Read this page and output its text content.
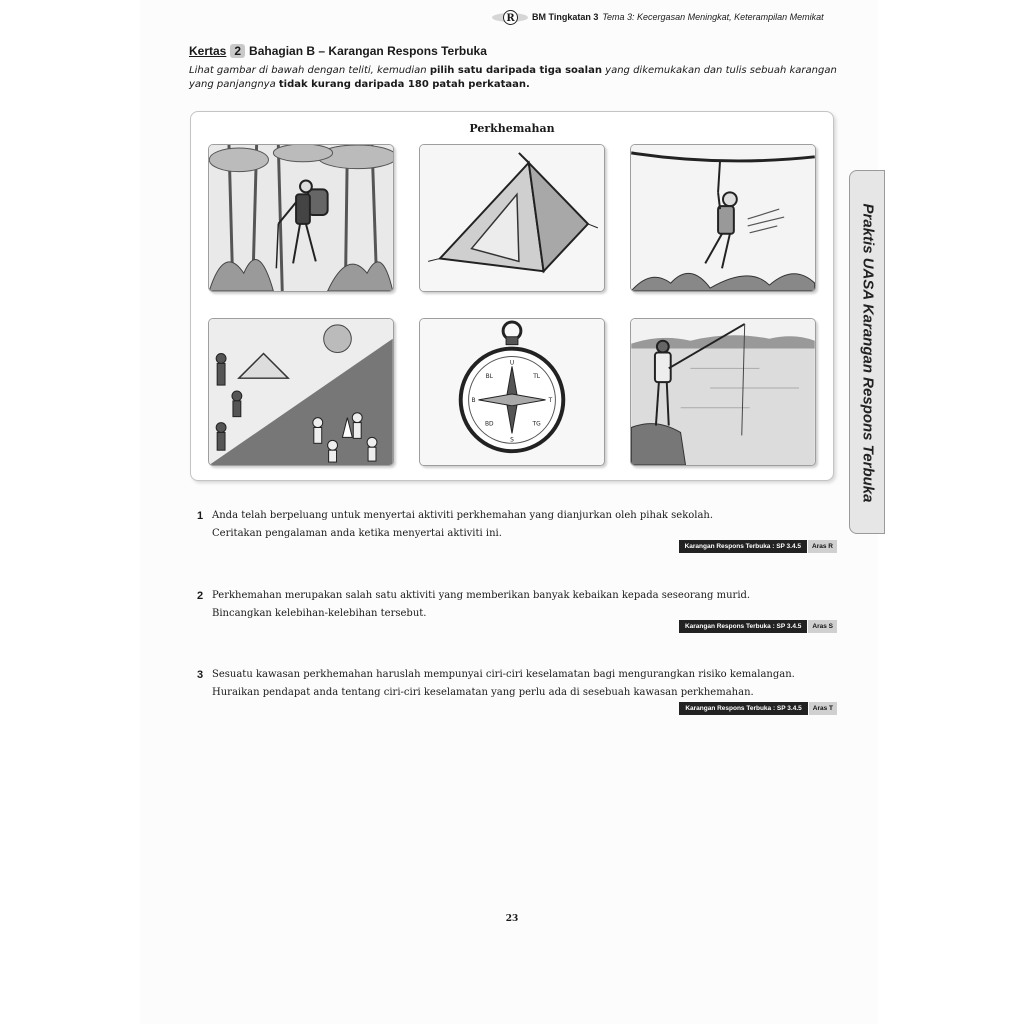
R	BM Tingkatan 3 Tema 3: Kecergasan Meningkat, Keterampilan Memikat
Kertas 2 Bahagian B – Karangan Respons Terbuka
Lihat gambar di bawah dengan teliti, kemudian pilih satu daripada tiga soalan yang dikemukakan dan tulis sebuah karangan yang panjangnya tidak kurang daripada 180 patah perkataan.
Perkhemahan
U
S
T
B
TL
BL
TG
BD	Praktis UASA Karangan Respons Terbuka
1 Anda telah berpeluang untuk menyertai aktiviti perkhemahan yang dianjurkan oleh pihak sekolah.
Ceritakan pengalaman anda ketika menyertai aktiviti ini.
Karangan Respons Terbuka : SP 3.4.5	Aras R
2 Perkhemahan merupakan salah satu aktiviti yang memberikan banyak kebaikan kepada seseorang murid.
Bincangkan kelebihan-kelebihan tersebut.
Karangan Respons Terbuka : SP 3.4.5	Aras S
3 Sesuatu kawasan perkhemahan haruslah mempunyai ciri-ciri keselamatan bagi mengurangkan risiko kemalangan.
Huraikan pendapat anda tentang ciri-ciri keselamatan yang perlu ada di sesebuah kawasan perkhemahan.
Karangan Respons Terbuka : SP 3.4.5	Aras T
23
